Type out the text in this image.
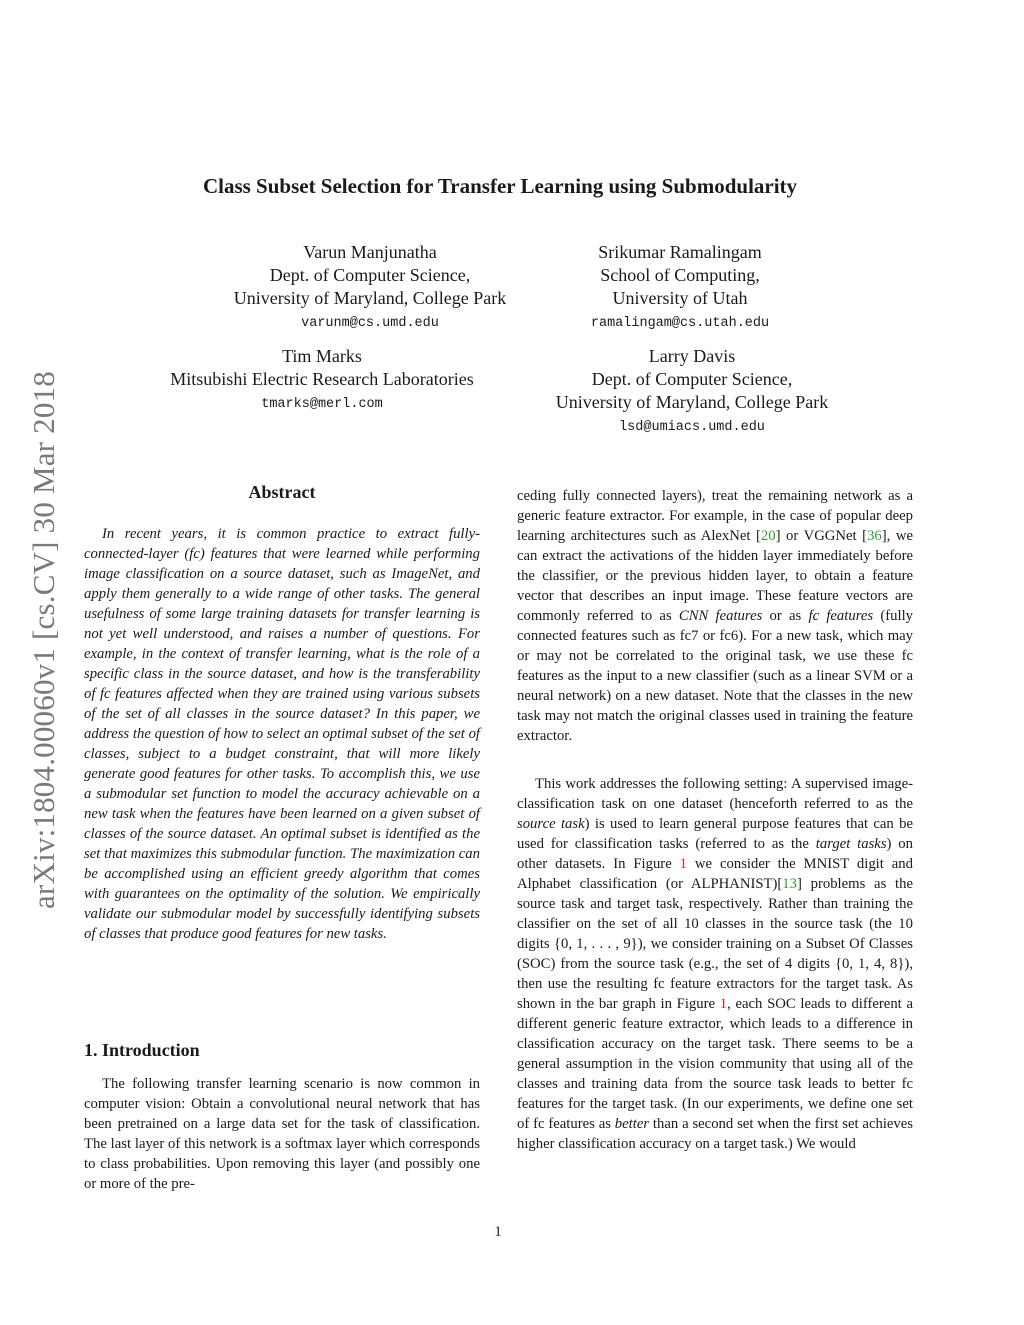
arXiv:1804.00060v1 [cs.CV] 30 Mar 2018
Class Subset Selection for Transfer Learning using Submodularity
Varun Manjunatha
Dept. of Computer Science,
University of Maryland, College Park
varunm@cs.umd.edu
Srikumar Ramalingam
School of Computing,
University of Utah
ramalingam@cs.utah.edu
Tim Marks
Mitsubishi Electric Research Laboratories
tmarks@merl.com
Larry Davis
Dept. of Computer Science,
University of Maryland, College Park
lsd@umiacs.umd.edu
Abstract

In recent years, it is common practice to extract fully-connected-layer (fc) features that were learned while performing image classification on a source dataset, such as ImageNet, and apply them generally to a wide range of other tasks. The general usefulness of some large training datasets for transfer learning is not yet well understood, and raises a number of questions. For example, in the context of transfer learning, what is the role of a specific class in the source dataset, and how is the transferability of fc features affected when they are trained using various subsets of the set of all classes in the source dataset? In this paper, we address the question of how to select an optimal subset of the set of classes, subject to a budget constraint, that will more likely generate good features for other tasks. To accomplish this, we use a submodular set function to model the accuracy achievable on a new task when the features have been learned on a given subset of classes of the source dataset. An optimal subset is identified as the set that maximizes this submodular function. The maximization can be accomplished using an efficient greedy algorithm that comes with guarantees on the optimality of the solution. We empirically validate our submodular model by successfully identifying subsets of classes that produce good features for new tasks.

1. Introduction

The following transfer learning scenario is now common in computer vision: Obtain a convolutional neural network that has been pretrained on a large data set for the task of classification. The last layer of this network is a softmax layer which corresponds to class probabilities. Upon removing this layer (and possibly one or more of the pre-

ceding fully connected layers), treat the remaining network as a generic feature extractor. For example, in the case of popular deep learning architectures such as AlexNet [20] or VGGNet [36], we can extract the activations of the hidden layer immediately before the classifier, or the previous hidden layer, to obtain a feature vector that describes an input image. These feature vectors are commonly referred to as CNN features or as fc features (fully connected features such as fc7 or fc6). For a new task, which may or may not be correlated to the original task, we use these fc features as the input to a new classifier (such as a linear SVM or a neural network) on a new dataset. Note that the classes in the new task may not match the original classes used in training the feature extractor.

This work addresses the following setting: A supervised image-classification task on one dataset (henceforth referred to as the source task) is used to learn general purpose features that can be used for classification tasks (referred to as the target tasks) on other datasets. In Figure 1 we consider the MNIST digit and Alphabet classification (or ALPHANIST)[13] problems as the source task and target task, respectively. Rather than training the classifier on the set of all 10 classes in the source task (the 10 digits {0, 1, . . . , 9}), we consider training on a Subset Of Classes (SOC) from the source task (e.g., the set of 4 digits {0, 1, 4, 8}), then use the resulting fc feature extractors for the target task. As shown in the bar graph in Figure 1, each SOC leads to different a different generic feature extractor, which leads to a difference in classification accuracy on the target task. There seems to be a general assumption in the vision community that using all of the classes and training data from the source task leads to better fc features for the target task. (In our experiments, we define one set of fc features as better than a second set when the first set achieves higher classification accuracy on a target task.) We would

1
